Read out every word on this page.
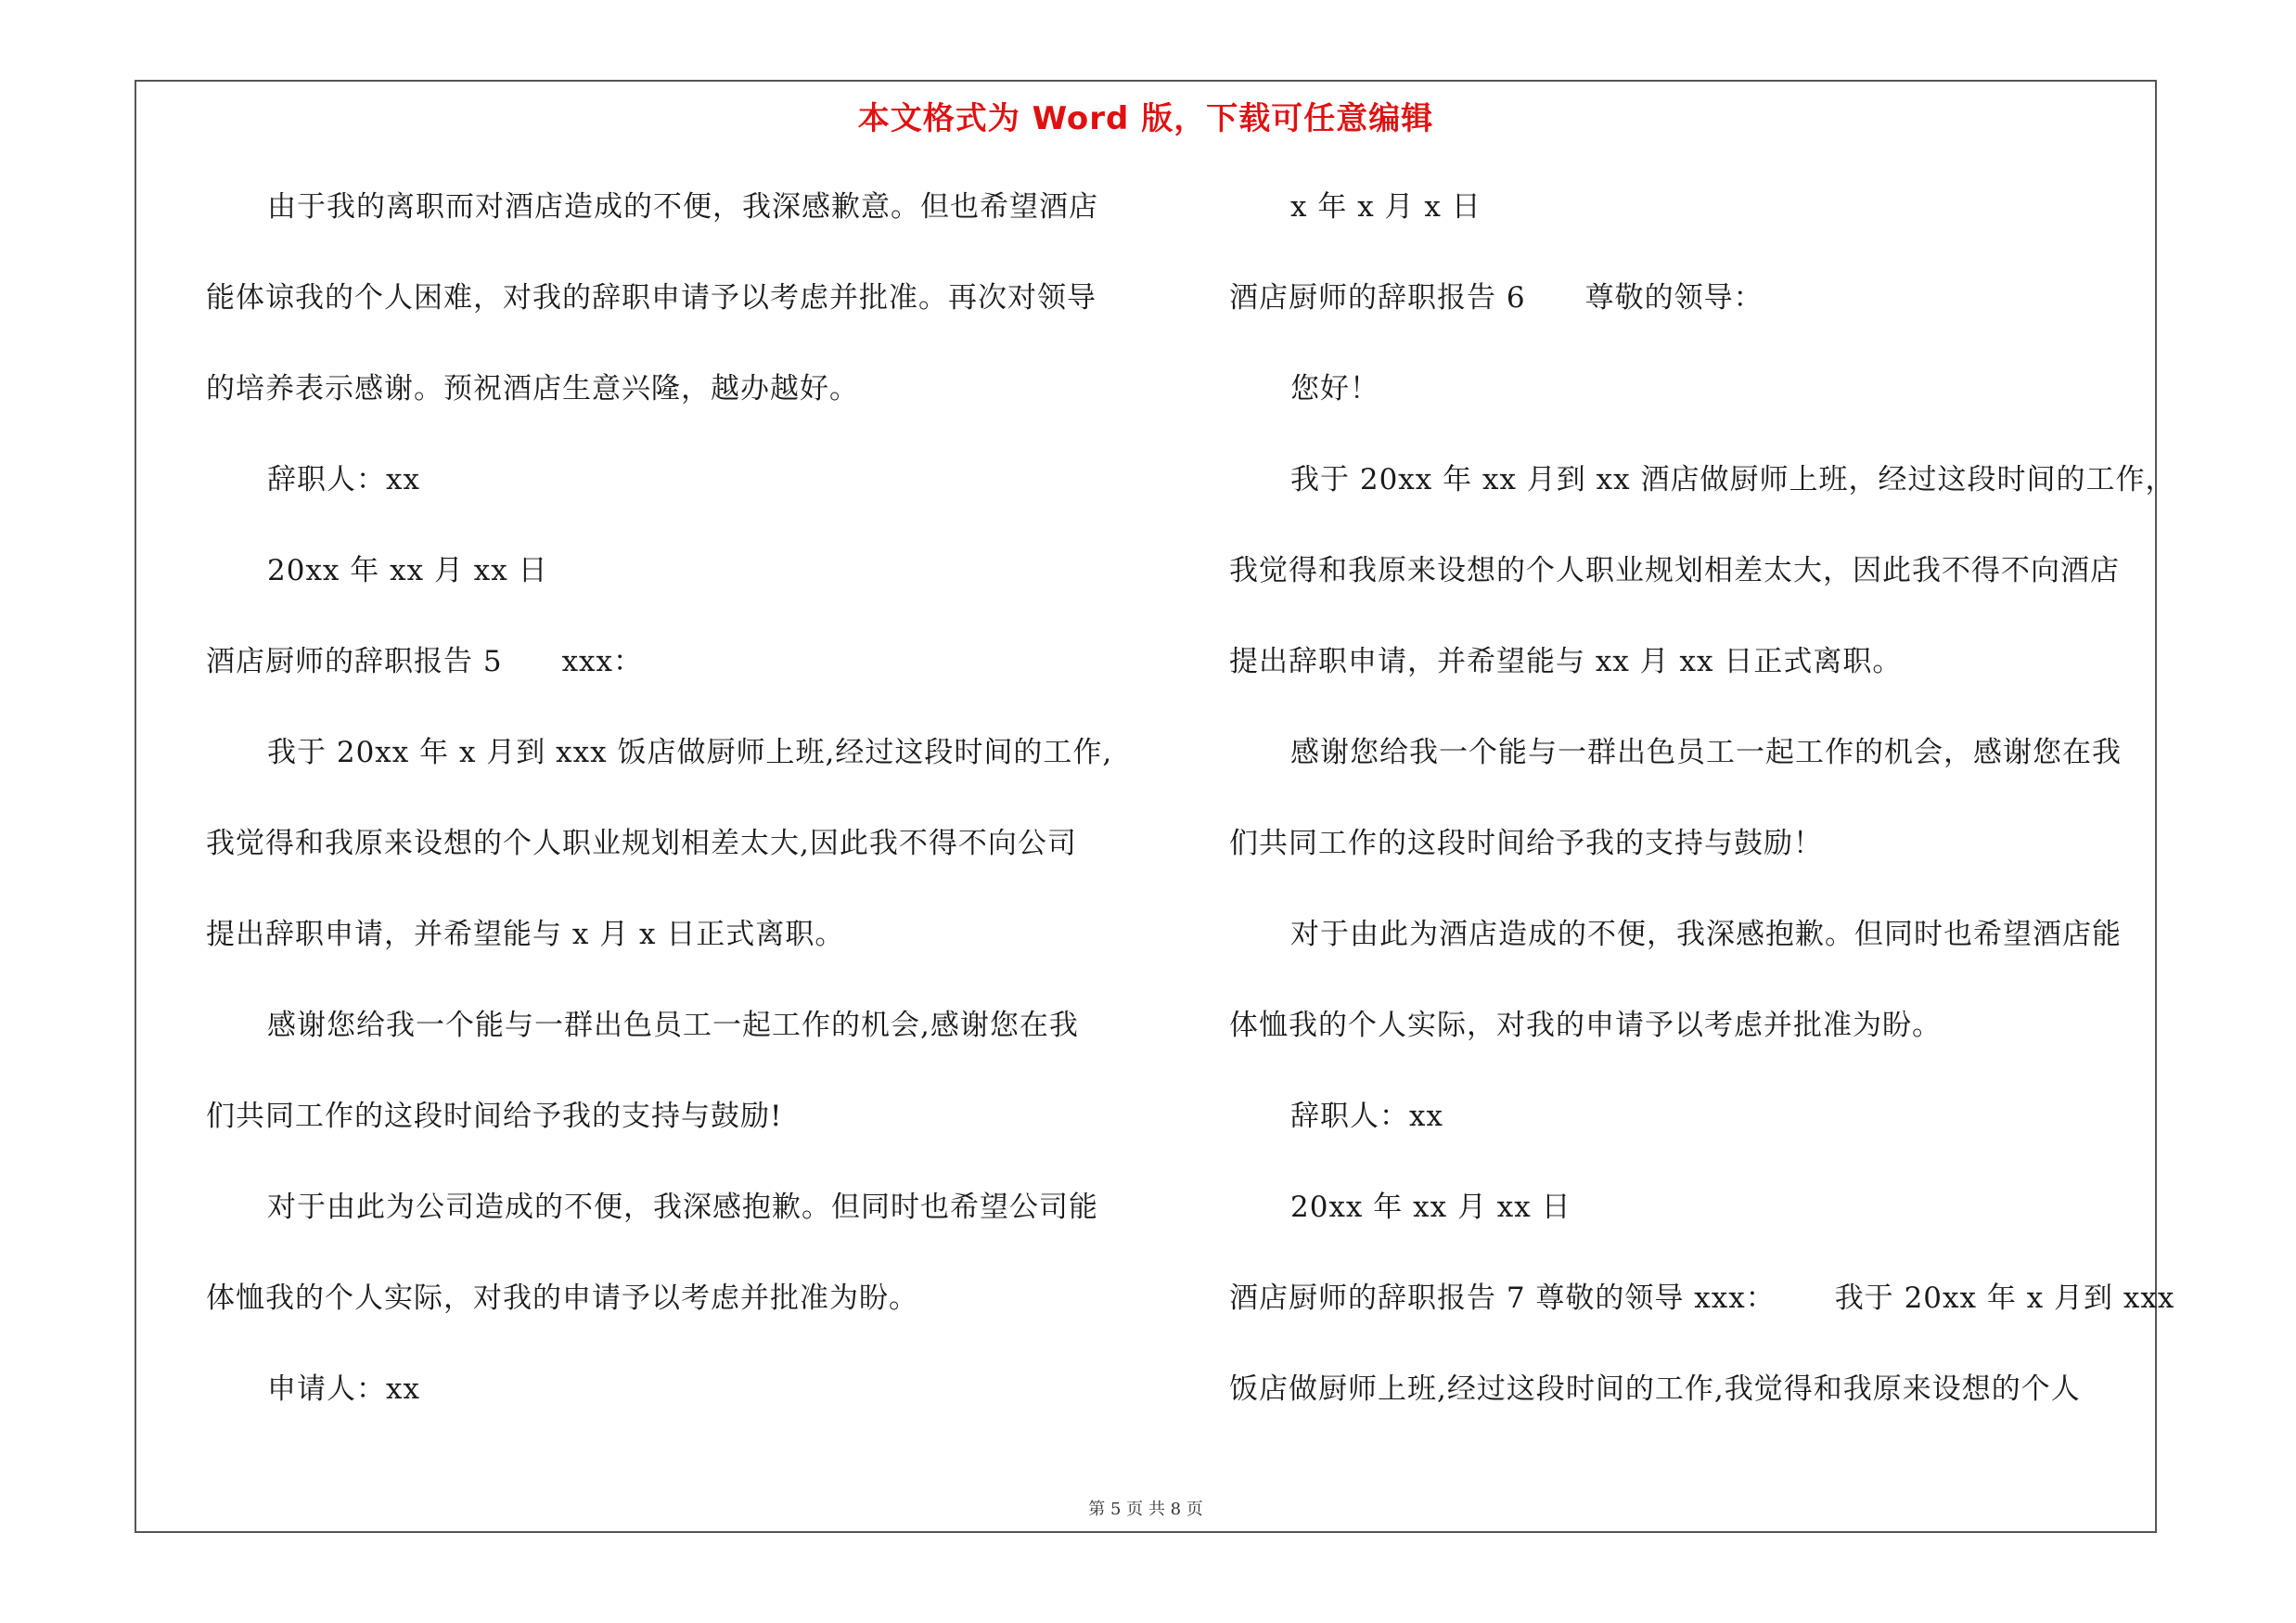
本文格式为 Word 版，下载可任意编辑
由于我的离职而对酒店造成的不便，我深感歉意。但也希望酒店
能体谅我的个人困难，对我的辞职申请予以考虑并批准。再次对领导
的培养表示感谢。预祝酒店生意兴隆，越办越好。
辞职人：xx
20xx 年 xx 月 xx 日
酒店厨师的辞职报告 5 xxx：
我于 20xx 年 x 月到 xxx 饭店做厨师上班,经过这段时间的工作,
我觉得和我原来设想的个人职业规划相差太大,因此我不得不向公司
提出辞职申请，并希望能与 x 月 x 日正式离职。
感谢您给我一个能与一群出色员工一起工作的机会,感谢您在我
们共同工作的这段时间给予我的支持与鼓励!
对于由此为公司造成的不便，我深感抱歉。但同时也希望公司能
体恤我的个人实际，对我的申请予以考虑并批准为盼。
申请人：xx
x 年 x 月 x 日
酒店厨师的辞职报告 6 尊敬的领导：
您好！
我于 20xx 年 xx 月到 xx 酒店做厨师上班，经过这段时间的工作，
我觉得和我原来设想的个人职业规划相差太大，因此我不得不向酒店
提出辞职申请，并希望能与 xx 月 xx 日正式离职。
感谢您给我一个能与一群出色员工一起工作的机会，感谢您在我
们共同工作的这段时间给予我的支持与鼓励！
对于由此为酒店造成的不便，我深感抱歉。但同时也希望酒店能
体恤我的个人实际，对我的申请予以考虑并批准为盼。
辞职人：xx
20xx 年 xx 月 xx 日
酒店厨师的辞职报告 7 尊敬的领导 xxx： 我于 20xx 年 x 月到 xxx
饭店做厨师上班,经过这段时间的工作,我觉得和我原来设想的个人
第 5 页 共 8 页
